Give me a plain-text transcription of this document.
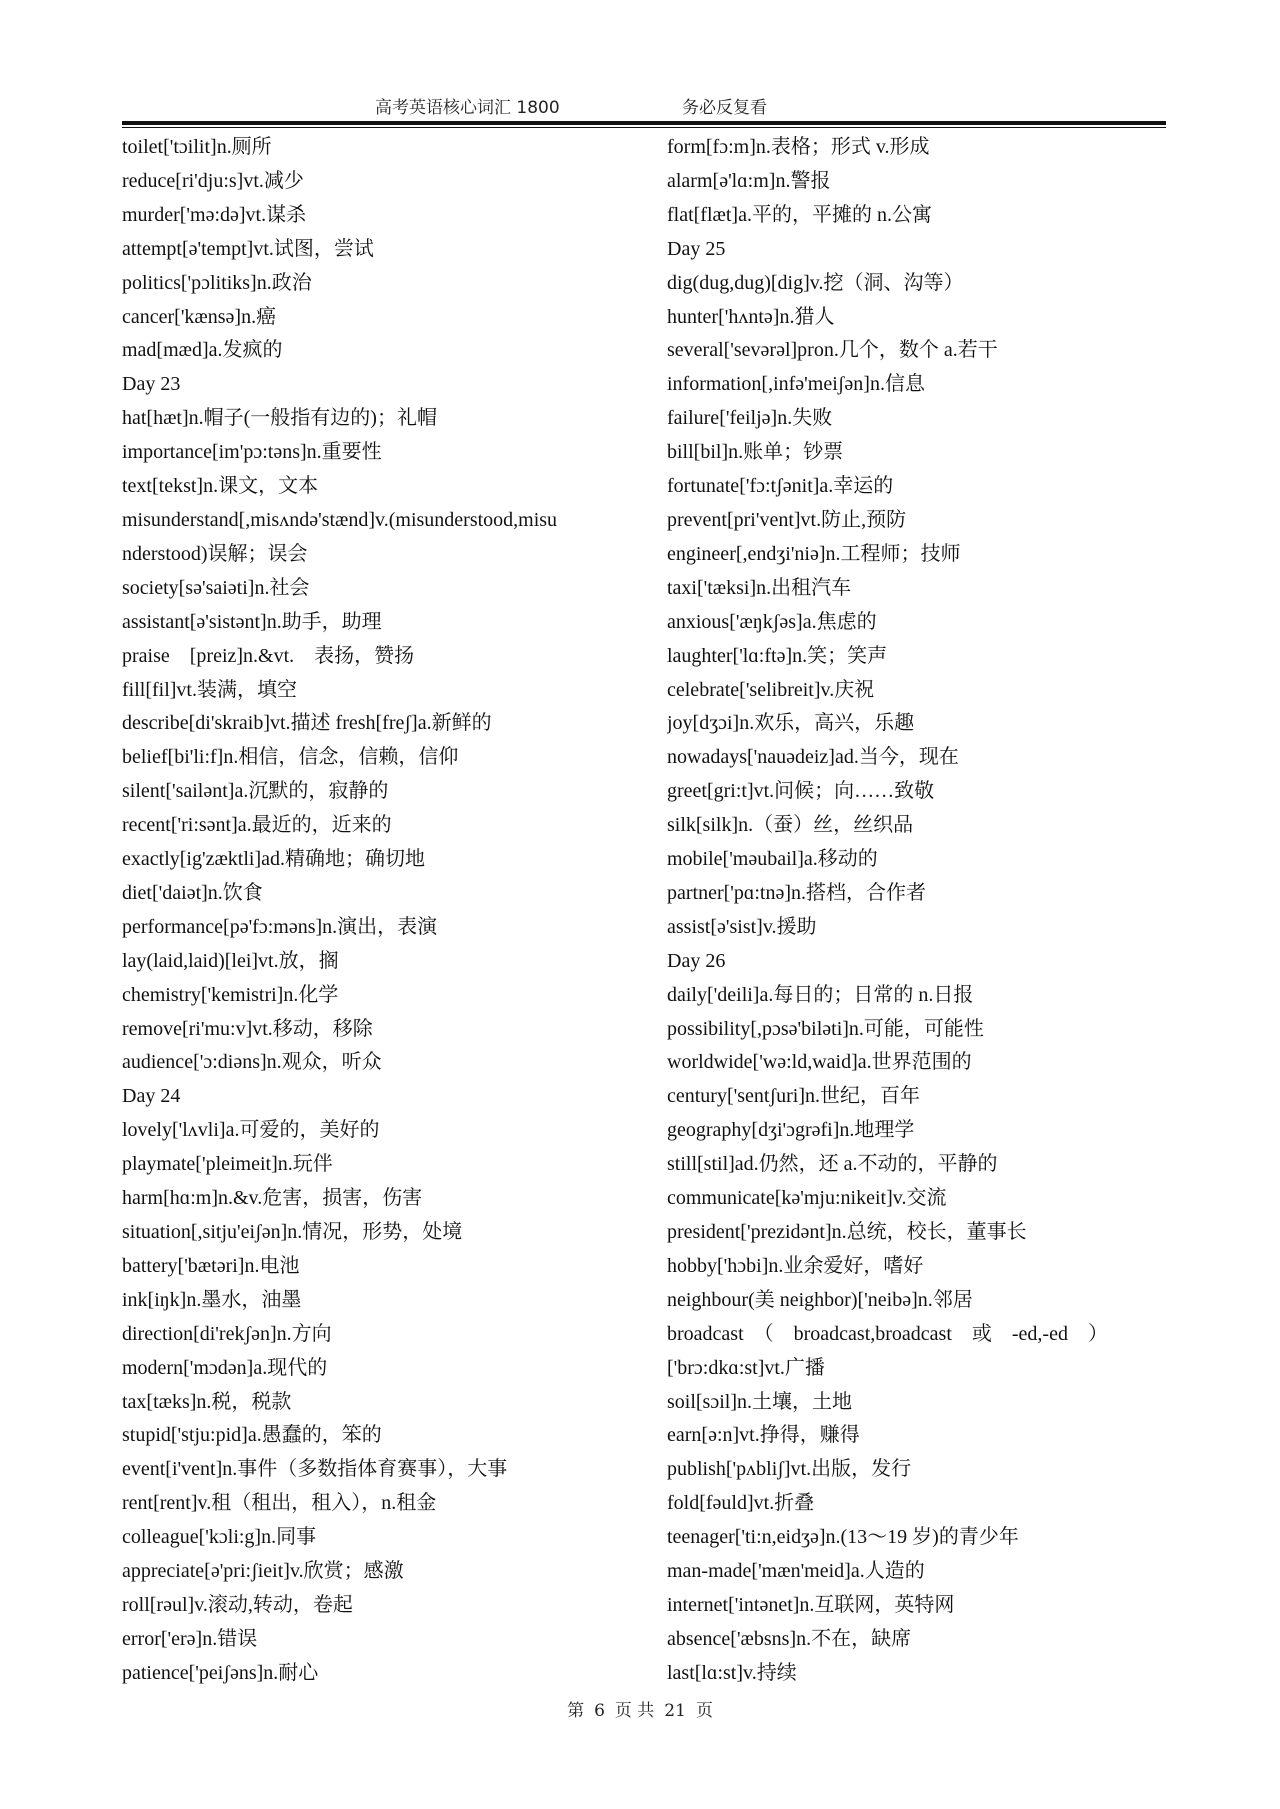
高考英语核心词汇 1800	务必反复看
toilet['tɔilit]n.厕所
reduce[ri'dju:s]vt.减少
murder['mə:də]vt.谋杀
attempt[ə'tempt]vt.试图，尝试
politics['pɔlitiks]n.政治
cancer['kænsə]n.癌
mad[mæd]a.发疯的
Day 23
hat[hæt]n.帽子(一般指有边的)；礼帽
importance[im'pɔ:təns]n.重要性
text[tekst]n.课文，文本
misunderstand[,misʌndə'stænd]v.(misunderstood,misu
nderstood)误解；误会
society[sə'saiəti]n.社会
assistant[ə'sistənt]n.助手，助理
praise　[preiz]n.&vt.　表扬，赞扬
fill[fil]vt.装满，填空
describe[di'skraib]vt.描述 fresh[freʃ]a.新鲜的
belief[bi'li:f]n.相信，信念，信赖，信仰
silent['sailənt]a.沉默的，寂静的
recent['ri:sənt]a.最近的，近来的
exactly[ig'zæktli]ad.精确地；确切地
diet['daiət]n.饮食
performance[pə'fɔ:məns]n.演出，表演
lay(laid,laid)[lei]vt.放，搁
chemistry['kemistri]n.化学
remove[ri'mu:v]vt.移动，移除
audience['ɔ:diəns]n.观众，听众
Day 24
lovely['lʌvli]a.可爱的，美好的
playmate['pleimeit]n.玩伴
harm[hɑ:m]n.&v.危害，损害，伤害
situation[,sitju'eiʃən]n.情况，形势，处境
battery['bætəri]n.电池
ink[iŋk]n.墨水，油墨
direction[di'rekʃən]n.方向
modern['mɔdən]a.现代的
tax[tæks]n.税，税款
stupid['stju:pid]a.愚蠢的，笨的
event[i'vent]n.事件（多数指体育赛事），大事
rent[rent]v.租（租出，租入），n.租金
colleague['kɔli:g]n.同事
appreciate[ə'pri:ʃieit]v.欣赏；感激
roll[rəul]v.滚动,转动，卷起
error['erə]n.错误
patience['peiʃəns]n.耐心
form[fɔ:m]n.表格；形式 v.形成
alarm[ə'lɑ:m]n.警报
flat[flæt]a.平的，平摊的 n.公寓
Day 25
dig(dug,dug)[dig]v.挖（洞、沟等）
hunter['hʌntə]n.猎人
several['sevərəl]pron.几个，数个 a.若干
information[,infə'meiʃən]n.信息
failure['feiljə]n.失败
bill[bil]n.账单；钞票
fortunate['fɔ:tʃənit]a.幸运的
prevent[pri'vent]vt.防止,预防
engineer[,endʒi'niə]n.工程师；技师
taxi['tæksi]n.出租汽车
anxious['æŋkʃəs]a.焦虑的
laughter['lɑ:ftə]n.笑；笑声
celebrate['selibreit]v.庆祝
joy[dʒɔi]n.欢乐，高兴，乐趣
nowadays['nauədeiz]ad.当今，现在
greet[gri:t]vt.问候；向……致敬
silk[silk]n.（蚕）丝，丝织品
mobile['məubail]a.移动的
partner['pɑ:tnə]n.搭档，合作者
assist[ə'sist]v.援助
Day 26
daily['deili]a.每日的；日常的 n.日报
possibility[,pɔsə'biləti]n.可能，可能性
worldwide['wə:ld,waid]a.世界范围的
century['sentʃuri]n.世纪，百年
geography[dʒi'ɔgrəfi]n.地理学
still[stil]ad.仍然，还 a.不动的，平静的
communicate[kə'mju:nikeit]v.交流
president['prezidənt]n.总统，校长，董事长
hobby['hɔbi]n.业余爱好，嗜好
neighbour(美 neighbor)['neibə]n.邻居
broadcast　（　broadcast,broadcast　或　-ed,-ed　）
['brɔ:dkɑ:st]vt.广播
soil[sɔil]n.土壤，土地
earn[ə:n]vt.挣得，赚得
publish['pʌbliʃ]vt.出版，发行
fold[fəuld]vt.折叠
teenager['ti:n,eidʒə]n.(13～19 岁)的青少年
man-made['mæn'meid]a.人造的
internet['intənet]n.互联网，英特网
absence['æbsns]n.不在，缺席
last[lɑ:st]v.持续
第 6 页 共 21 页
